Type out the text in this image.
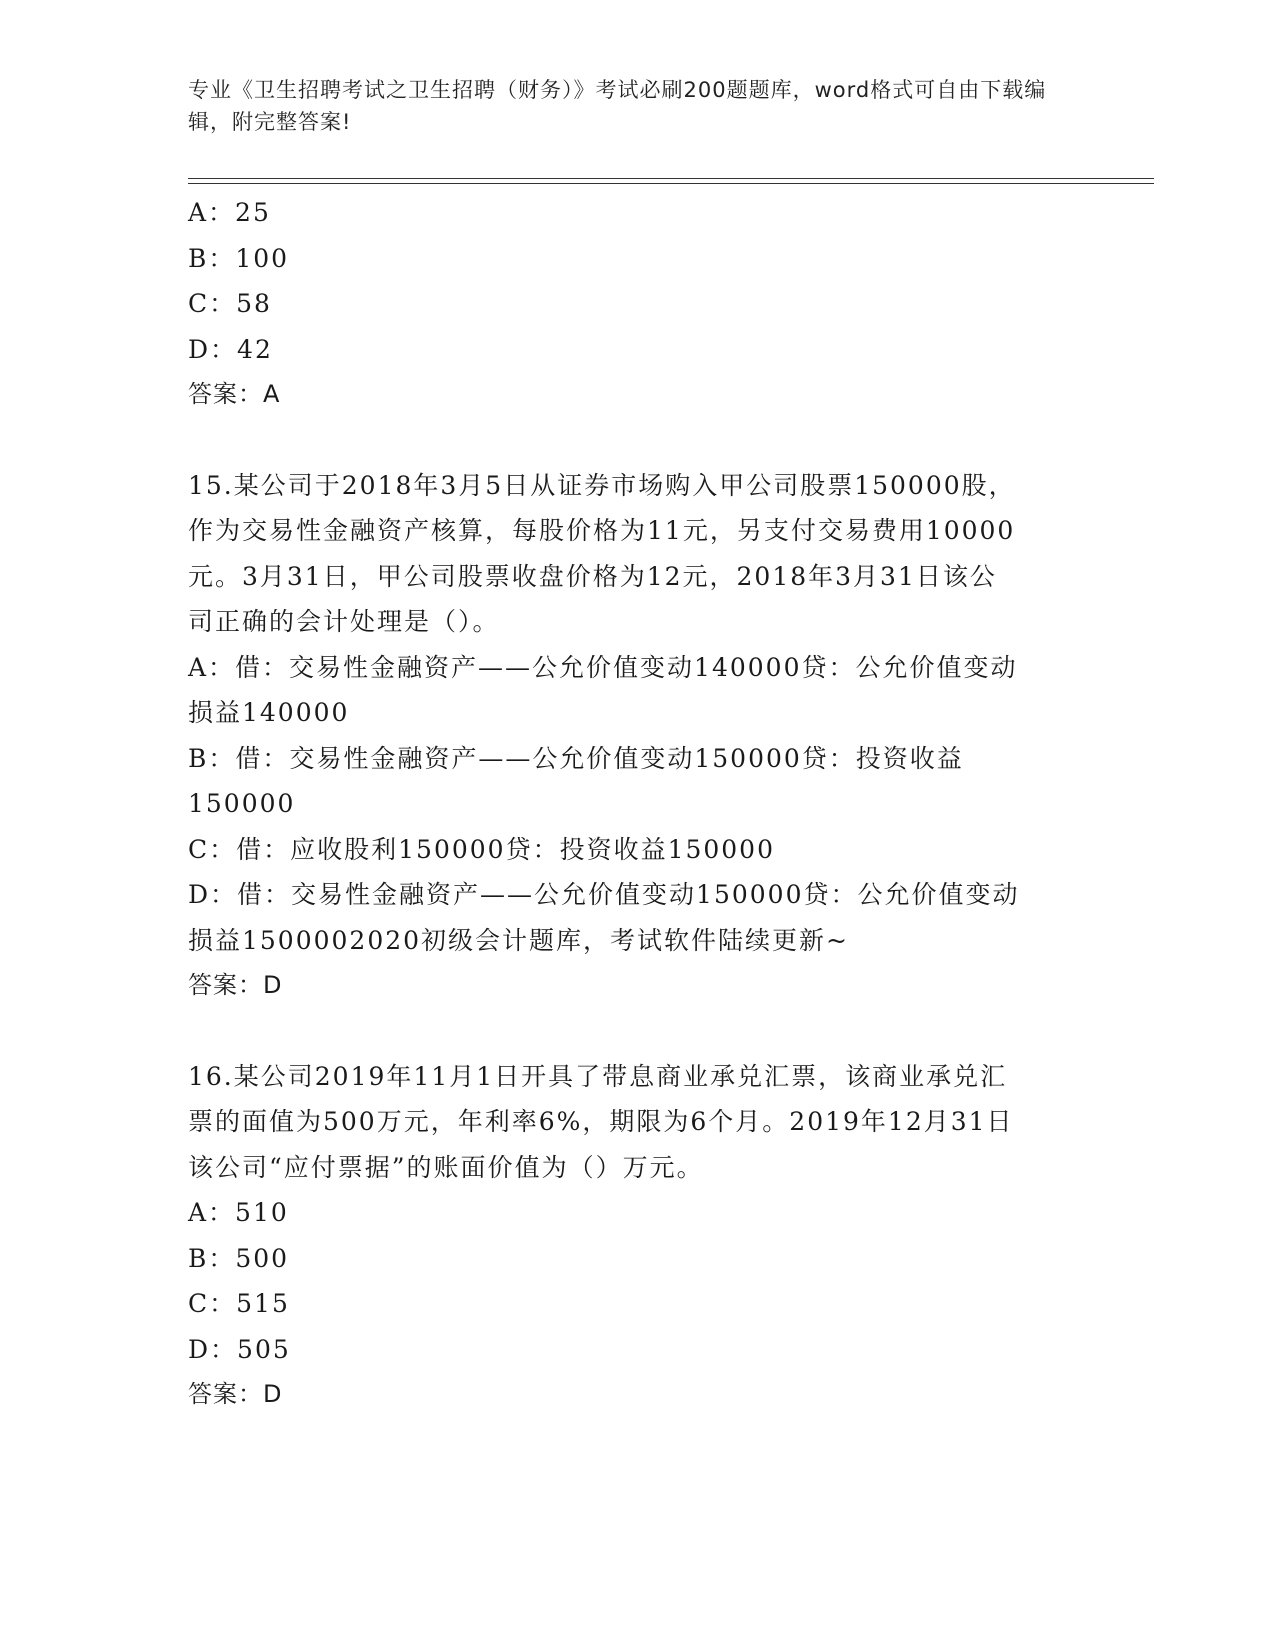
专业《卫生招聘考试之卫生招聘（财务）》考试必刷200题题库，word格式可自由下载编辑，附完整答案!
A：25
B：100
C：58
D：42
答案：A
15.某公司于2018年3月5日从证券市场购入甲公司股票150000股，
作为交易性金融资产核算，每股价格为11元，另支付交易费用10000
元。3月31日，甲公司股票收盘价格为12元，2018年3月31日该公
司正确的会计处理是（）。
A：借：交易性金融资产——公允价值变动140000贷：公允价值变动
损益140000
B：借：交易性金融资产——公允价值变动150000贷：投资收益
150000
C：借：应收股利150000贷：投资收益150000
D：借：交易性金融资产——公允价值变动150000贷：公允价值变动
损益1500002020初级会计题库，考试软件陆续更新~
答案：D
16.某公司2019年11月1日开具了带息商业承兑汇票，该商业承兑汇
票的面值为500万元，年利率6%，期限为6个月。2019年12月31日
该公司“应付票据”的账面价值为（）万元。
A：510
B：500
C：515
D：505
答案：D
